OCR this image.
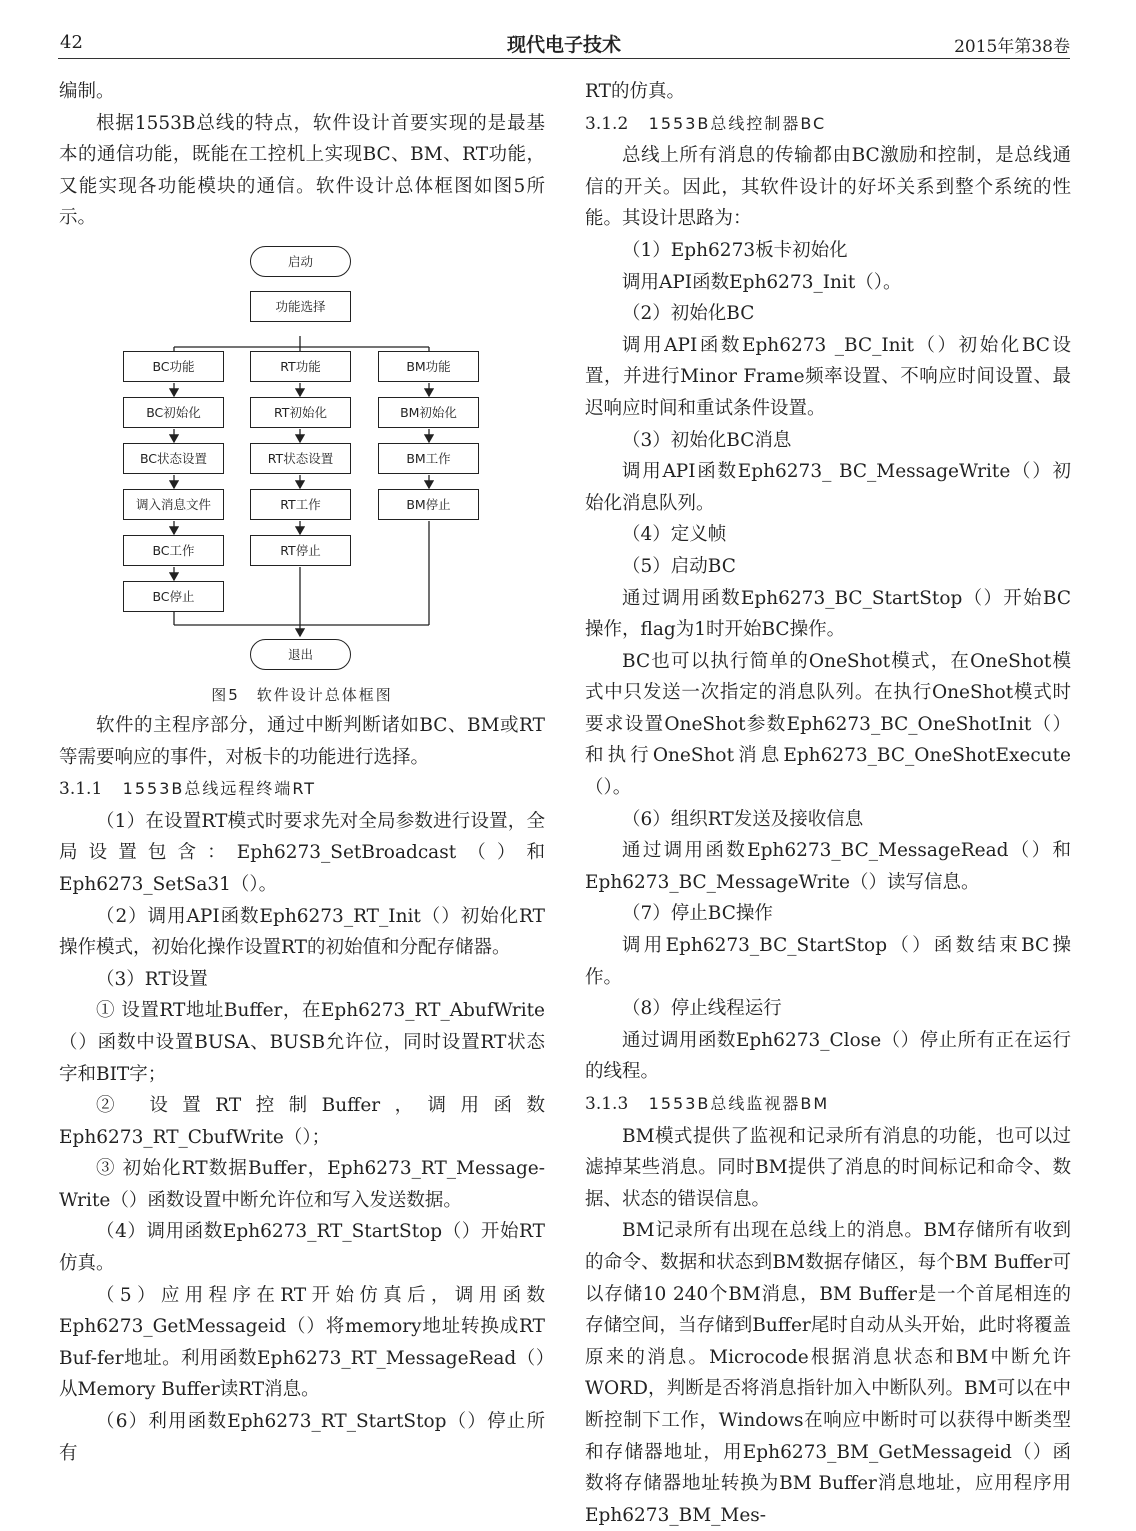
42	现代电子技术	2015年第38卷

编制。

根据1553B总线的特点，软件设计首要实现的是最基本的通信功能，既能在工控机上实现BC、BM、RT功能，又能实现各功能模块的通信。软件设计总体框图如图5所示。

启动
功能选择
BC功能
BC初始化
BC状态设置
调入消息文件
BC工作
BC停止
RT功能
RT初始化
RT状态设置
RT工作
RT停止
BM功能
BM初始化
BM工作
BM停止
退出
图5　软件设计总体框图

软件的主程序部分，通过中断判断诸如BC、BM或RT等需要响应的事件，对板卡的功能进行选择。

3.1.1 1553B总线远程终端RT

（1）在设置RT模式时要求先对全局参数进行设置，全局设置包含：Eph6273_SetBroadcast（）和Eph6273_SetSa31（）。

（2）调用API函数Eph6273_RT_Init（）初始化RT操作模式，初始化操作设置RT的初始值和分配存储器。

（3）RT设置

① 设置RT地址Buffer，在Eph6273_RT_AbufWrite（）函数中设置BUSA、BUSB允许位，同时设置RT状态字和BIT字；

② 设置RT控制Buffer，调用函数Eph6273_RT_CbufWrite（）；

③ 初始化RT数据Buffer，Eph6273_RT_Message-Write（）函数设置中断允许位和写入发送数据。

（4）调用函数Eph6273_RT_StartStop（）开始RT仿真。

（5）应用程序在RT开始仿真后，调用函数Eph6273_GetMessageid（）将memory地址转换成RT Buf-fer地址。利用函数Eph6273_RT_MessageRead（）从Memory Buffer读RT消息。

（6）利用函数Eph6273_RT_StartStop（）停止所有

RT的仿真。

3.1.2 1553B总线控制器BC

总线上所有消息的传输都由BC激励和控制，是总线通信的开关。因此，其软件设计的好坏关系到整个系统的性能。其设计思路为：

（1）Eph6273板卡初始化

调用API函数Eph6273_Init（）。

（2）初始化BC

调用API函数Eph6273 _BC_Init（）初始化BC设置，并进行Minor Frame频率设置、不响应时间设置、最迟响应时间和重试条件设置。

（3）初始化BC消息

调用API函数Eph6273_ BC_MessageWrite（）初始化消息队列。

（4）定义帧

（5）启动BC

通过调用函数Eph6273_BC_StartStop（）开始BC操作，flag为1时开始BC操作。

BC也可以执行简单的OneShot模式，在OneShot模式中只发送一次指定的消息队列。在执行OneShot模式时要求设置OneShot参数Eph6273_BC_OneShotInit（）和执行OneShot消息Eph6273_BC_OneShotExecute（）。

（6）组织RT发送及接收信息

通过调用函数Eph6273_BC_MessageRead（）和Eph6273_BC_MessageWrite（）读写信息。

（7）停止BC操作

调用Eph6273_BC_StartStop（）函数结束BC操作。

（8）停止线程运行

通过调用函数Eph6273_Close（）停止所有正在运行的线程。

3.1.3 1553B总线监视器BM

BM模式提供了监视和记录所有消息的功能，也可以过滤掉某些消息。同时BM提供了消息的时间标记和命令、数据、状态的错误信息。

BM记录所有出现在总线上的消息。BM存储所有收到的命令、数据和状态到BM数据存储区，每个BM Buffer可以存储10 240个BM消息，BM Buffer是一个首尾相连的存储空间，当存储到Buffer尾时自动从头开始，此时将覆盖原来的消息。Microcode根据消息状态和BM中断允许WORD，判断是否将消息指针加入中断队列。BM可以在中断控制下工作，Windows在响应中断时可以获得中断类型和存储器地址，用Eph6273_BM_GetMessageid（）函数将存储器地址转换为BM Buffer消息地址，应用程序用Eph6273_BM_Mes-
